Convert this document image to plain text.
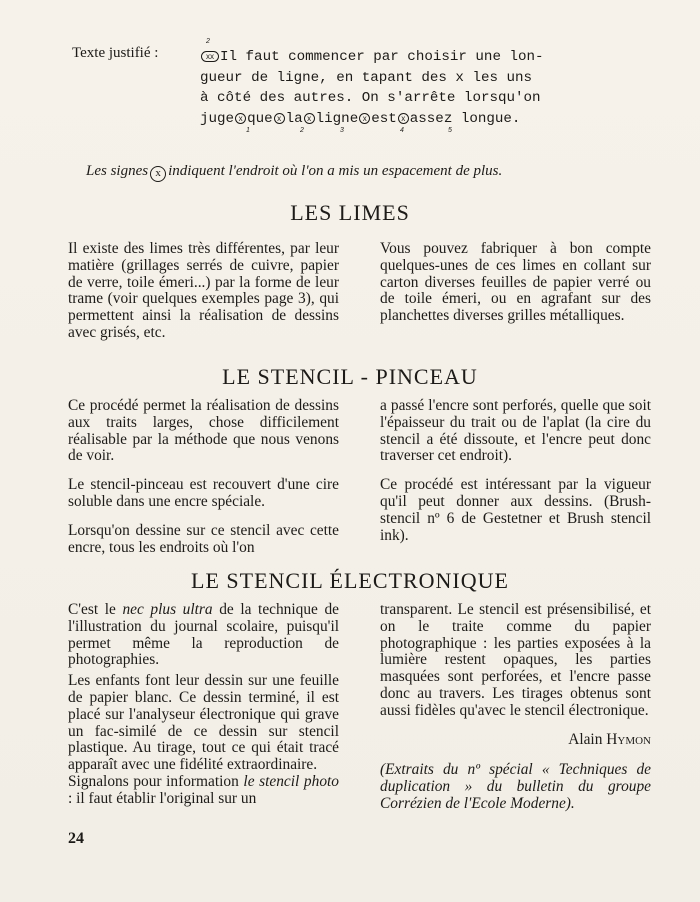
Texte justifié :	xx
2
Il faut commencer par choisir une lon-
gueur de ligne, en tapant des x les uns
à côté des autres. On s'arrête lorsqu'on
juge x que x la x ligne x est x assez longue.

1

	2

	3

	4

	5

Les signes x indiquent l'endroit où l'on a mis un espacement de plus.
LES LIMES

Il existe des limes très différentes, par leur matière (grillages serrés de cuivre, papier de verre, toile émeri...) par la forme de leur trame (voir quelques exemples page 3), qui permettent ainsi la réalisation de dessins avec grisés, etc.

Vous pouvez fabriquer à bon compte quelques-unes de ces limes en collant sur carton diverses feuilles de papier verré ou de toile émeri, ou en agrafant sur des planchettes diverses grilles métalliques.

LE STENCIL - PINCEAU

Ce procédé permet la réalisation de dessins aux traits larges, chose difficilement réalisable par la méthode que nous venons de voir.

Le stencil-pinceau est recouvert d'une cire soluble dans une encre spéciale.

Lorsqu'on dessine sur ce stencil avec cette encre, tous les endroits où l'on

a passé l'encre sont perforés, quelle que soit l'épaisseur du trait ou de l'aplat (la cire du stencil a été dissoute, et l'encre peut donc traverser cet endroit).

Ce procédé est intéressant par la vigueur qu'il peut donner aux dessins. (Brush-stencil nº 6 de Gestetner et Brush stencil ink).

LE STENCIL ÉLECTRONIQUE

C'est le nec plus ultra de la technique de l'illustration du journal scolaire, puisqu'il permet même la reproduction de photographies.

Les enfants font leur dessin sur une feuille de papier blanc. Ce dessin terminé, il est placé sur l'analyseur électronique qui grave un fac-similé de ce dessin sur stencil plastique. Au tirage, tout ce qui était tracé apparaît avec une fidélité extraordinaire.

Signalons pour information le stencil photo : il faut établir l'original sur un

transparent. Le stencil est présensibilisé, et on le traite comme du papier photographique : les parties exposées à la lumière restent opaques, les parties masquées sont perforées, et l'encre passe donc au travers. Les tirages obtenus sont aussi fidèles qu'avec le stencil électronique.

Alain Hymon

(Extraits du nº spécial « Techniques de duplication » du bulletin du groupe Corrézien de l'Ecole Moderne).

24
